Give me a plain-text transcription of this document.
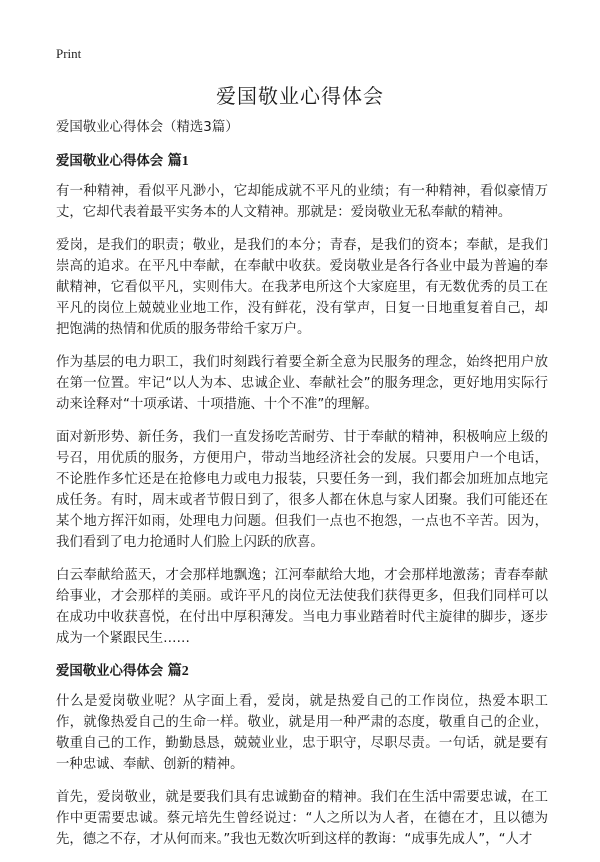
Print
爱国敬业心得体会

爱国敬业心得体会（精选3篇）

爱国敬业心得体会 篇1

有一种精神，看似平凡渺小，它却能成就不平凡的业绩；有一种精神，看似豪情万丈，它却代表着最平实务本的人文精神。那就是：爱岗敬业无私奉献的精神。

爱岗，是我们的职责；敬业，是我们的本分；青春，是我们的资本；奉献，是我们崇高的追求。在平凡中奉献，在奉献中收获。爱岗敬业是各行各业中最为普遍的奉献精神，它看似平凡，实则伟大。在我茅电所这个大家庭里，有无数优秀的员工在平凡的岗位上兢兢业业地工作，没有鲜花，没有掌声，日复一日地重复着自己，却把饱满的热情和优质的服务带给千家万户。

作为基层的电力职工，我们时刻践行着要全新全意为民服务的理念，始终把用户放在第一位置。牢记“以人为本、忠诚企业、奉献社会”的服务理念，更好地用实际行动来诠释对“十项承诺、十项措施、十个不准”的理解。

面对新形势、新任务，我们一直发扬吃苦耐劳、甘于奉献的精神，积极响应上级的号召，用优质的服务，方便用户，带动当地经济社会的发展。只要用户一个电话，不论胜作多忙还是在抢修电力或电力报装，只要任务一到，我们都会加班加点地完成任务。有时，周末或者节假日到了，很多人都在休息与家人团聚。我们可能还在某个地方挥汗如雨，处理电力问题。但我们一点也不抱怨，一点也不辛苦。因为，我们看到了电力抢通时人们脸上闪跃的欣喜。

白云奉献给蓝天，才会那样地飘逸；江河奉献给大地，才会那样地激荡；青春奉献给事业，才会那样的美丽。或许平凡的岗位无法使我们获得更多，但我们同样可以在成功中收获喜悦，在付出中厚积薄发。当电力事业踏着时代主旋律的脚步，逐步成为一个紧跟民生……

爱国敬业心得体会 篇2

什么是爱岗敬业呢？从字面上看，爱岗，就是热爱自己的工作岗位，热爱本职工作，就像热爱自己的生命一样。敬业，就是用一种严肃的态度，敬重自己的企业，敬重自己的工作，勤勤恳恳，兢兢业业，忠于职守，尽职尽责。一句话，就是要有一种忠诚、奉献、创新的精神。

首先，爱岗敬业，就是要我们具有忠诚勤奋的精神。我们在生活中需要忠诚，在工作中更需要忠诚。蔡元培先生曾经说过：“人之所以为人者，在德在才，且以德为先，德之不存，才从何而来。”我也无数次听到这样的教诲：“成事先成人”，“人才
